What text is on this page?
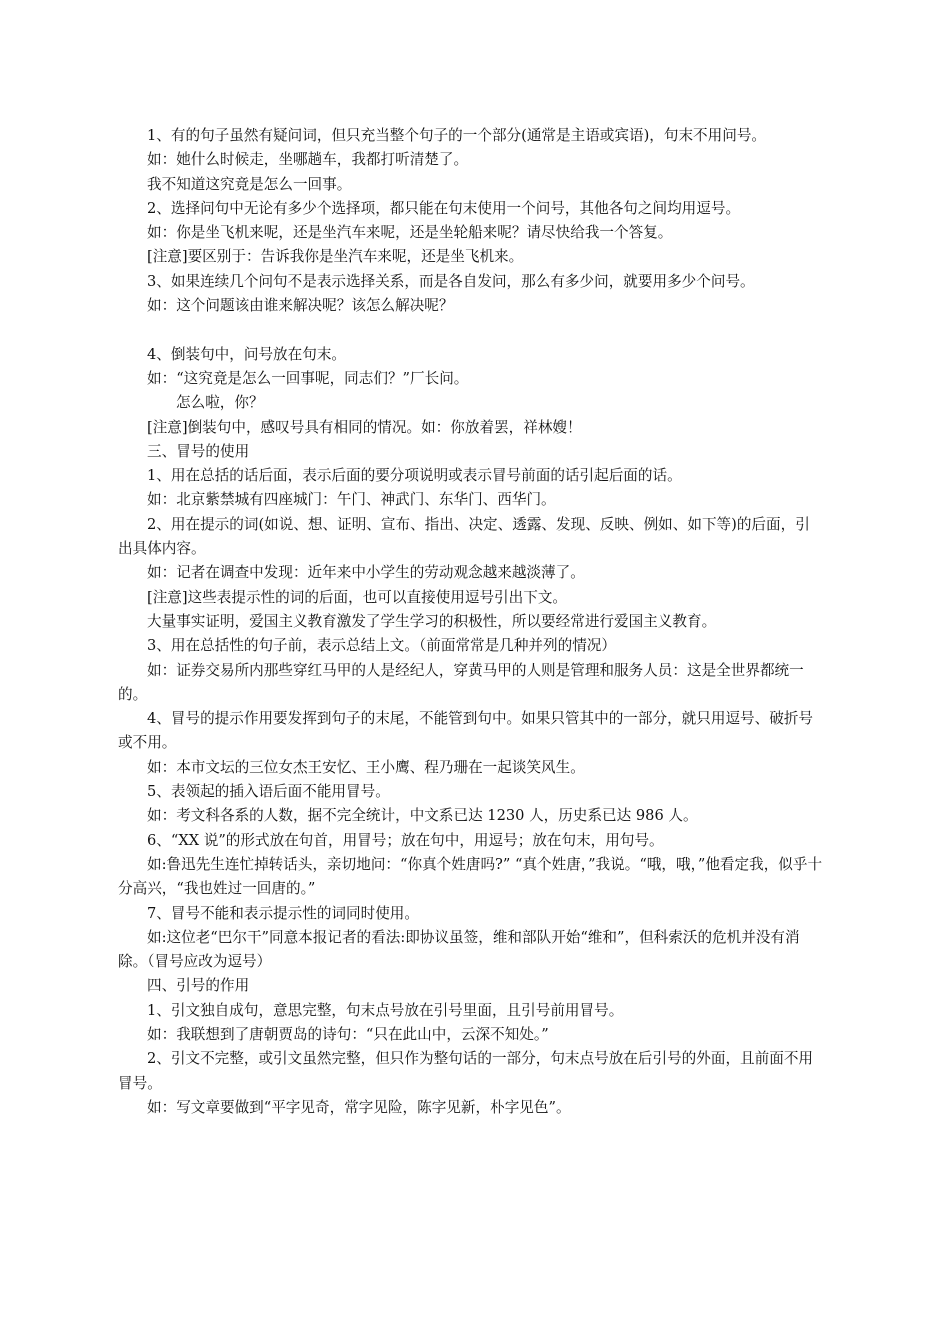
1、有的句子虽然有疑问词，但只充当整个句子的一个部分(通常是主语或宾语)，句末不用问号。

如：她什么时候走，坐哪趟车，我都打听清楚了。

我不知道这究竟是怎么一回事。

2、选择问句中无论有多少个选择项，都只能在句末使用一个问号，其他各句之间均用逗号。

如：你是坐飞机来呢，还是坐汽车来呢，还是坐轮船来呢？请尽快给我一个答复。

[注意]要区别于：告诉我你是坐汽车来呢，还是坐飞机来。

3、如果连续几个问句不是表示选择关系，而是各自发问，那么有多少问，就要用多少个问号。

如：这个问题该由谁来解决呢？该怎么解决呢？

4、倒装句中，问号放在句末。

如：“这究竟是怎么一回事呢，同志们？”厂长问。

怎么啦，你？

[注意]倒装句中，感叹号具有相同的情况。如：你放着罢，祥林嫂！

三、冒号的使用

1、用在总括的话后面，表示后面的要分项说明或表示冒号前面的话引起后面的话。

如：北京紫禁城有四座城门：午门、神武门、东华门、西华门。

2、用在提示的词(如说、想、证明、宣布、指出、决定、透露、发现、反映、例如、如下等)的后面，引出具体内容。

如：记者在调查中发现：近年来中小学生的劳动观念越来越淡薄了。

[注意]这些表提示性的词的后面，也可以直接使用逗号引出下文。

大量事实证明，爱国主义教育激发了学生学习的积极性，所以要经常进行爱国主义教育。

3、用在总括性的句子前，表示总结上文。（前面常常是几种并列的情况）

如：证券交易所内那些穿红马甲的人是经纪人，穿黄马甲的人则是管理和服务人员：这是全世界都统一的。

4、冒号的提示作用要发挥到句子的末尾，不能管到句中。如果只管其中的一部分，就只用逗号、破折号或不用。

如：本市文坛的三位女杰王安忆、王小鹰、程乃珊在一起谈笑风生。

5、表领起的插入语后面不能用冒号。

如：考文科各系的人数，据不完全统计，中文系已达 1230 人，历史系已达 986 人。

6、“XX 说”的形式放在句首，用冒号；放在句中，用逗号；放在句末，用句号。

如:鲁迅先生连忙掉转话头，亲切地问：“你真个姓唐吗?” “真个姓唐，”我说。“哦，哦，”他看定我，似乎十分高兴，“我也姓过一回唐的。”

7、冒号不能和表示提示性的词同时使用。

如:这位老“巴尔干”同意本报记者的看法:即协议虽签，维和部队开始“维和”，但科索沃的危机并没有消除。（冒号应改为逗号）

四、引号的作用

1、引文独自成句，意思完整，句末点号放在引号里面，且引号前用冒号。

如：我联想到了唐朝贾岛的诗句：“只在此山中，云深不知处。”

2、引文不完整，或引文虽然完整，但只作为整句话的一部分，句末点号放在后引号的外面，且前面不用冒号。

如：写文章要做到“平字见奇，常字见险，陈字见新，朴字见色”。
